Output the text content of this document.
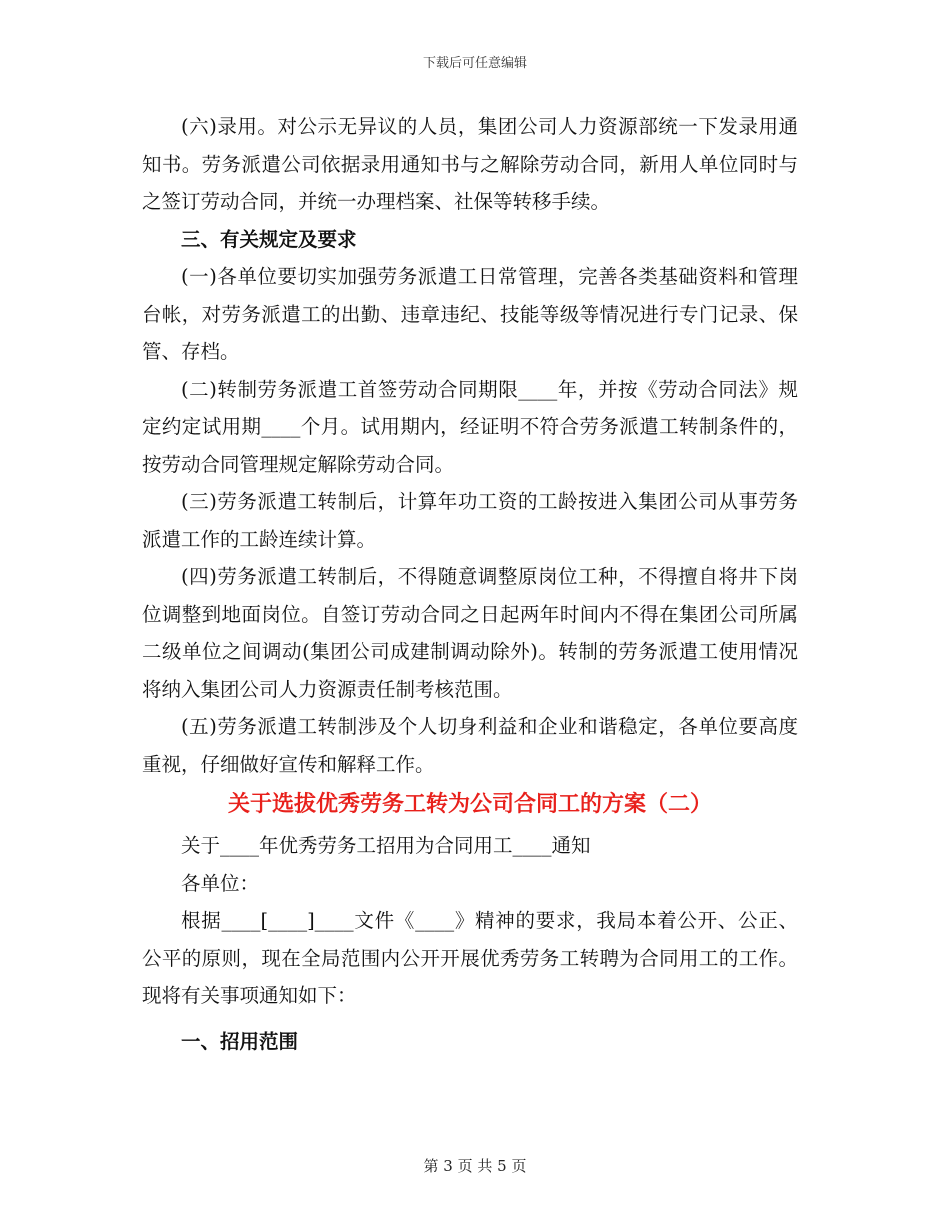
下载后可任意编辑

(六)录用。对公示无异议的人员，集团公司人力资源部统一下发录用通知书。劳务派遣公司依据录用通知书与之解除劳动合同，新用人单位同时与之签订劳动合同，并统一办理档案、社保等转移手续。

三、有关规定及要求

(一)各单位要切实加强劳务派遣工日常管理，完善各类基础资料和管理台帐，对劳务派遣工的出勤、违章违纪、技能等级等情况进行专门记录、保管、存档。

(二)转制劳务派遣工首签劳动合同期限____年，并按《劳动合同法》规定约定试用期____个月。试用期内，经证明不符合劳务派遣工转制条件的，按劳动合同管理规定解除劳动合同。

(三)劳务派遣工转制后，计算年功工资的工龄按进入集团公司从事劳务派遣工作的工龄连续计算。

(四)劳务派遣工转制后，不得随意调整原岗位工种，不得擅自将井下岗位调整到地面岗位。自签订劳动合同之日起两年时间内不得在集团公司所属二级单位之间调动(集团公司成建制调动除外)。转制的劳务派遣工使用情况将纳入集团公司人力资源责任制考核范围。

(五)劳务派遣工转制涉及个人切身利益和企业和谐稳定，各单位要高度重视，仔细做好宣传和解释工作。

关于选拔优秀劳务工转为公司合同工的方案（二）

关于____年优秀劳务工招用为合同用工____通知

各单位：

根据____[____]____文件《____》精神的要求，我局本着公开、公正、公平的原则，现在全局范围内公开开展优秀劳务工转聘为合同用工的工作。现将有关事项通知如下：

一、招用范围

第 3 页 共 5 页
